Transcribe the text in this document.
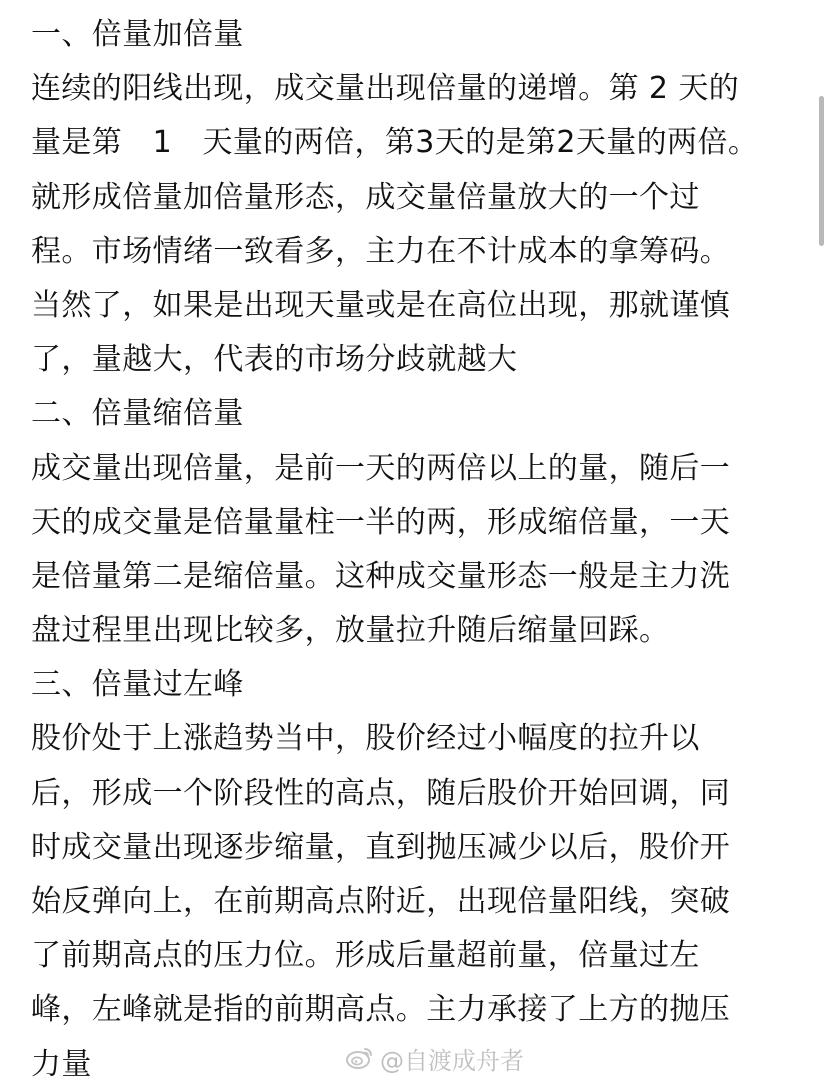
一、倍量加倍量
连续的阳线出现，成交量出现倍量的递增。第 2 天的
量是第　1　天量的两倍，第3天的是第2天量的两倍。
就形成倍量加倍量形态，成交量倍量放大的一个过
程。市场情绪一致看多，主力在不计成本的拿筹码。
当然了，如果是出现天量或是在高位出现，那就谨慎
了，量越大，代表的市场分歧就越大
二、倍量缩倍量
成交量出现倍量，是前一天的两倍以上的量，随后一
天的成交量是倍量量柱一半的两，形成缩倍量，一天
是倍量第二是缩倍量。这种成交量形态一般是主力洗
盘过程里出现比较多，放量拉升随后缩量回踩。
三、倍量过左峰
股价处于上涨趋势当中，股价经过小幅度的拉升以
后，形成一个阶段性的高点，随后股价开始回调，同
时成交量出现逐步缩量，直到抛压减少以后，股价开
始反弹向上，在前期高点附近，出现倍量阳线，突破
了前期高点的压力位。形成后量超前量，倍量过左
峰，左峰就是指的前期高点。主力承接了上方的抛压
力量	@自渡成舟者
